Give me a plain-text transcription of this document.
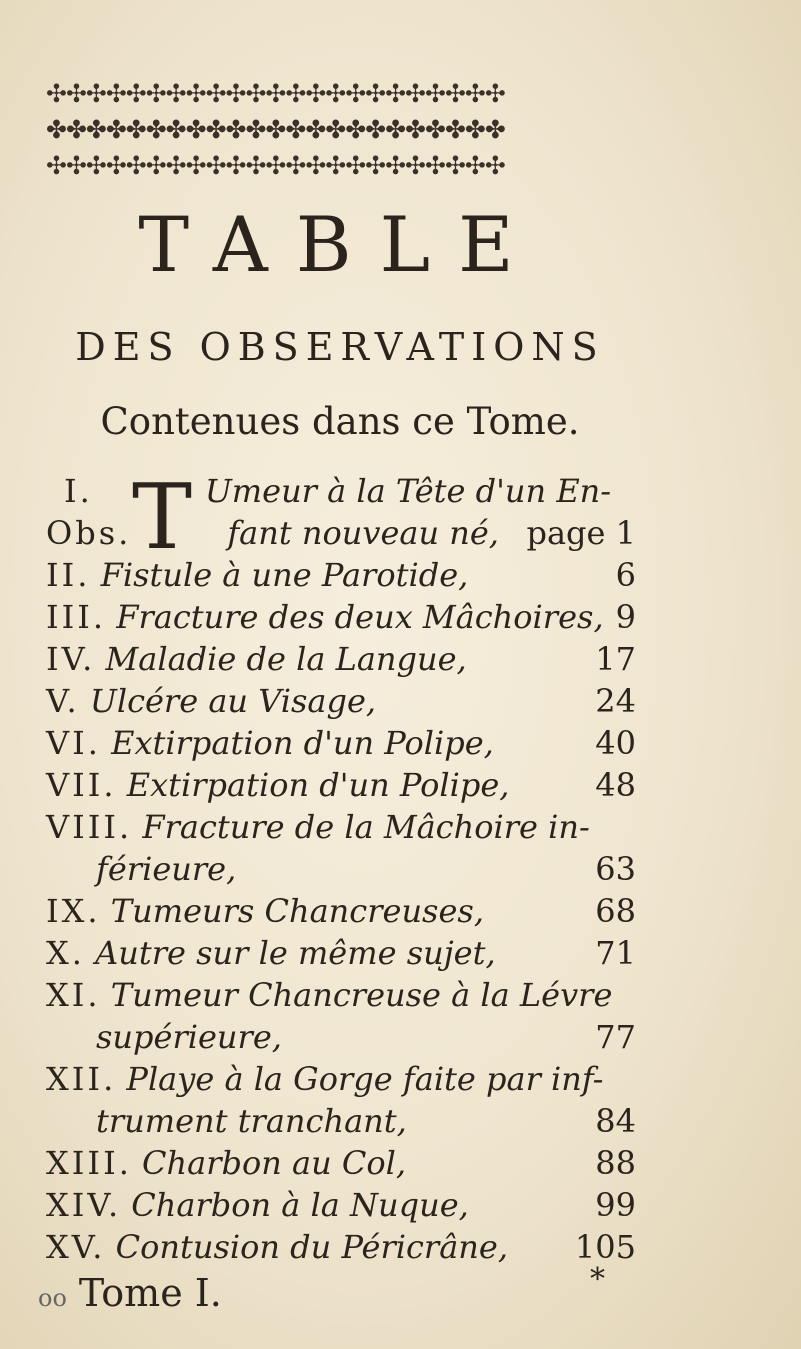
✣✣✣✣✣✣✣✣✣✣✣✣✣✣✣✣✣✣✣✣✣✣✣
✤✤✤✤✤✤✤✤✤✤✤✤✤✤✤✤✤✤✤✤✤✤✤
✣✣✣✣✣✣✣✣✣✣✣✣✣✣✣✣✣✣✣✣✣✣✣
TABLE
DES OBSERVATIONS
Contenues dans ce Tome.
T
I.	Umeur à la Tête d'un En-
Obs.	fant nouveau né, page 1
II. Fistule à une Parotide,	6
III. Fracture des deux Mâchoires, 9
IV. Maladie de la Langue,	17
V. Ulcére au Visage,	24
VI. Extirpation d'un Polipe,	40
VII. Extirpation d'un Polipe,	48
VIII. Fracture de la Mâchoire in-
férieure,	63
IX. Tumeurs Chancreuses,	68
X. Autre sur le même sujet,	71
XI. Tumeur Chancreuse à la Lévre
supérieure,	77
XII. Playe à la Gorge faite par inf-
trument tranchant,	84
XIII. Charbon au Col,	88
XIV. Charbon à la Nuque,	99
XV. Contusion du Péricrâne, 105
oo Tome I.	*
